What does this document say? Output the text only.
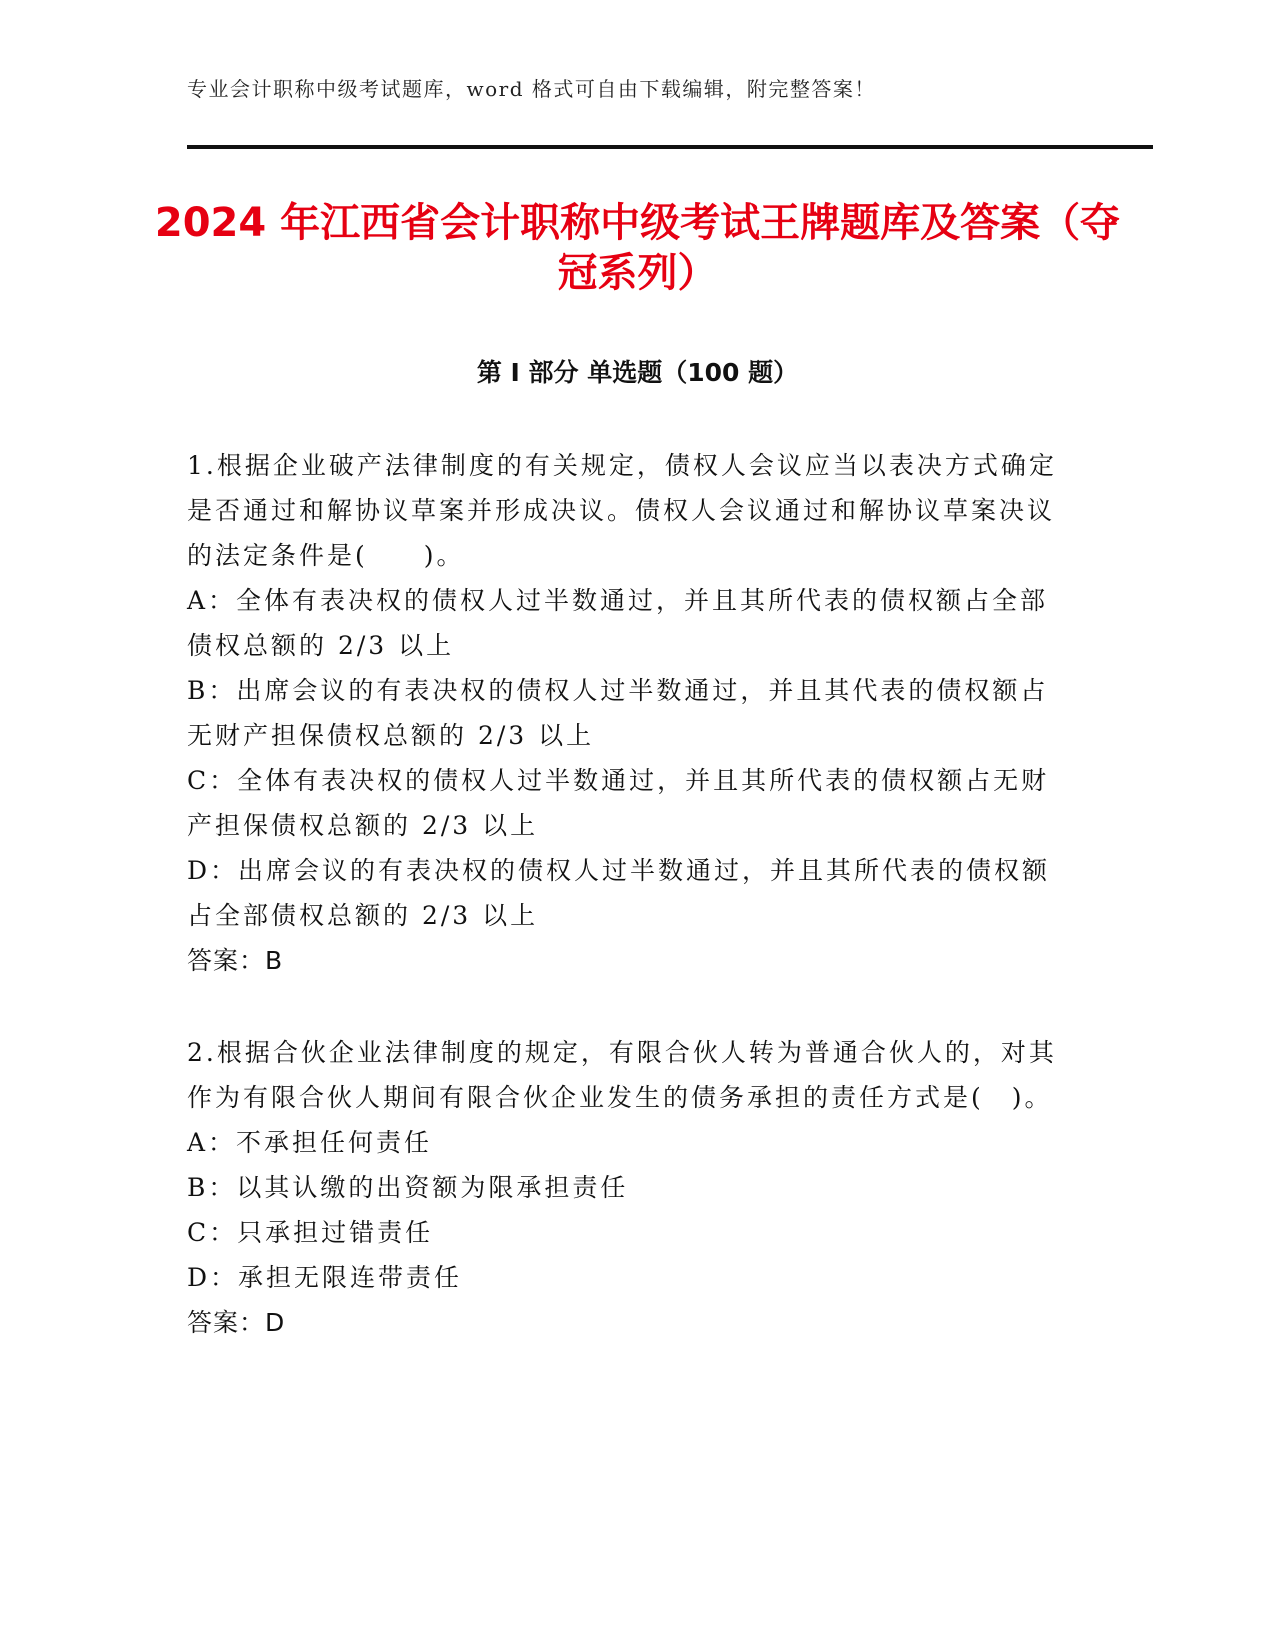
专业会计职称中级考试题库，word 格式可自由下载编辑，附完整答案！
2024 年江西省会计职称中级考试王牌题库及答案（夺冠系列）
第 I 部分 单选题（100 题）

1.根据企业破产法律制度的有关规定，债权人会议应当以表决方式确定是否通过和解协议草案并形成决议。债权人会议通过和解协议草案决议的法定条件是(　　)。

A：全体有表决权的债权人过半数通过，并且其所代表的债权额占全部债权总额的 2/3 以上

B：出席会议的有表决权的债权人过半数通过，并且其代表的债权额占无财产担保债权总额的 2/3 以上

C：全体有表决权的债权人过半数通过，并且其所代表的债权额占无财产担保债权总额的 2/3 以上

D：出席会议的有表决权的债权人过半数通过，并且其所代表的债权额占全部债权总额的 2/3 以上

答案：B

2.根据合伙企业法律制度的规定，有限合伙人转为普通合伙人的，对其作为有限合伙人期间有限合伙企业发生的债务承担的责任方式是(　)。

A：不承担任何责任

B：以其认缴的出资额为限承担责任

C：只承担过错责任

D：承担无限连带责任

答案：D
